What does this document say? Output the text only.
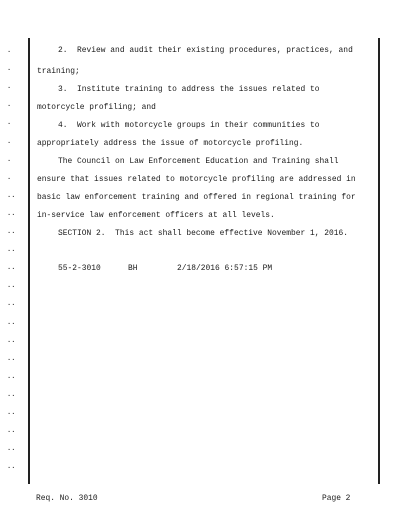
.
.
.
.
.
.
.
.
..
..
..
..
..
..
..
..
..
..
..
..
..
..
..
..
2.  Review and audit their existing procedures, practices, and
training;
3.  Institute training to address the issues related to
motorcycle profiling; and
4.  Work with motorcycle groups in their communities to
appropriately address the issue of motorcycle profiling.
The Council on Law Enforcement Education and Training shall
ensure that issues related to motorcycle profiling are addressed in
basic law enforcement training and offered in regional training for
in-service law enforcement officers at all levels.
SECTION 2.  This act shall become effective November 1, 2016.
55-2-3010	BH	2/18/2016 6:57:15 PM
Req. No. 3010	Page 2
